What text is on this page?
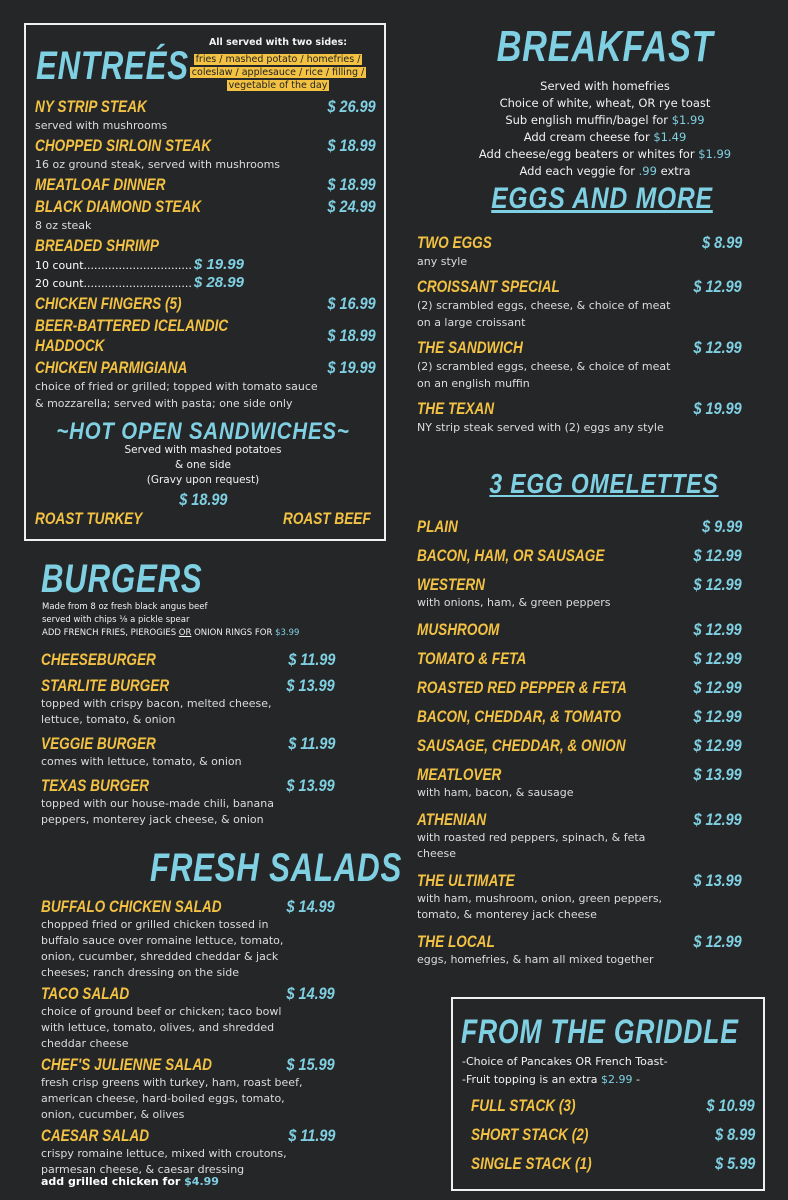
ENTREÉS
All served with two sides:
fries / mashed potato / homefries /
coleslaw / applesauce / rice / filling /
vegetable of the day
NY STRIP STEAK	$ 26.99
served with mushrooms
CHOPPED SIRLOIN STEAK	$ 18.99
16 oz ground steak, served with mushrooms
MEATLOAF DINNER	$ 18.99
BLACK DIAMOND STEAK	$ 24.99
8 oz steak
BREADED SHRIMP
10 count............................... $ 19.99
20 count............................... $ 28.99
CHICKEN FINGERS (5)	$ 16.99
BEER-BATTERED ICELANDIC
HADDOCK
$ 18.99
CHICKEN PARMIGIANA	$ 19.99
choice of fried or grilled; topped with tomato sauce
& mozzarella; served with pasta; one side only
~HOT OPEN SANDWICHES~
Served with mashed potatoes
& one side
(Gravy upon request)
$ 18.99
ROAST TURKEY	ROAST BEEF
BURGERS
Made from 8 oz fresh black angus beef
served with chips ⅛ a pickle spear
ADD FRENCH FRIES, PIEROGIES OR ONION RINGS FOR $3.99
CHEESEBURGER	$ 11.99
STARLITE BURGER	$ 13.99
topped with crispy bacon, melted cheese,
lettuce, tomato, & onion
VEGGIE BURGER	$ 11.99
comes with lettuce, tomato, & onion
TEXAS BURGER	$ 13.99
topped with our house-made chili, banana
peppers, monterey jack cheese, & onion
FRESH SALADS
BUFFALO CHICKEN SALAD	$ 14.99
chopped fried or grilled chicken tossed in
buffalo sauce over romaine lettuce, tomato,
onion, cucumber, shredded cheddar & jack
cheeses; ranch dressing on the side
TACO SALAD	$ 14.99
choice of ground beef or chicken; taco bowl
with lettuce, tomato, olives, and shredded
cheddar cheese
CHEF'S JULIENNE SALAD	$ 15.99
fresh crisp greens with turkey, ham, roast beef,
american cheese, hard-boiled eggs, tomato,
onion, cucumber, & olives
CAESAR SALAD	$ 11.99
crispy romaine lettuce, mixed with croutons,
parmesan cheese, & caesar dressing
add grilled chicken for $4.99
BREAKFAST
Served with homefries
Choice of white, wheat, OR rye toast
Sub english muffin/bagel for $1.99
Add cream cheese for $1.49
Add cheese/egg beaters or whites for $1.99
Add each veggie for .99 extra
EGGS AND MORE
TWO EGGS	$ 8.99
any style
CROISSANT SPECIAL	$ 12.99
(2) scrambled eggs, cheese, & choice of meat
on a large croissant
THE SANDWICH	$ 12.99
(2) scrambled eggs, cheese, & choice of meat
on an english muffin
THE TEXAN	$ 19.99
NY strip steak served with (2) eggs any style
3 EGG OMELETTES
PLAIN	$ 9.99
BACON, HAM, OR SAUSAGE	$ 12.99
WESTERN	$ 12.99
with onions, ham, & green peppers
MUSHROOM	$ 12.99
TOMATO & FETA	$ 12.99
ROASTED RED PEPPER & FETA	$ 12.99
BACON, CHEDDAR, & TOMATO	$ 12.99
SAUSAGE, CHEDDAR, & ONION	$ 12.99
MEATLOVER	$ 13.99
with ham, bacon, & sausage
ATHENIAN	$ 12.99
with roasted red peppers, spinach, & feta
cheese
THE ULTIMATE	$ 13.99
with ham, mushroom, onion, green peppers,
tomato, & monterey jack cheese
THE LOCAL	$ 12.99
eggs, homefries, & ham all mixed together
FROM THE GRIDDLE
-Choice of Pancakes OR French Toast-
-Fruit topping is an extra $2.99 -
FULL STACK (3)	$ 10.99
SHORT STACK (2)	$ 8.99
SINGLE STACK (1)	$ 5.99
